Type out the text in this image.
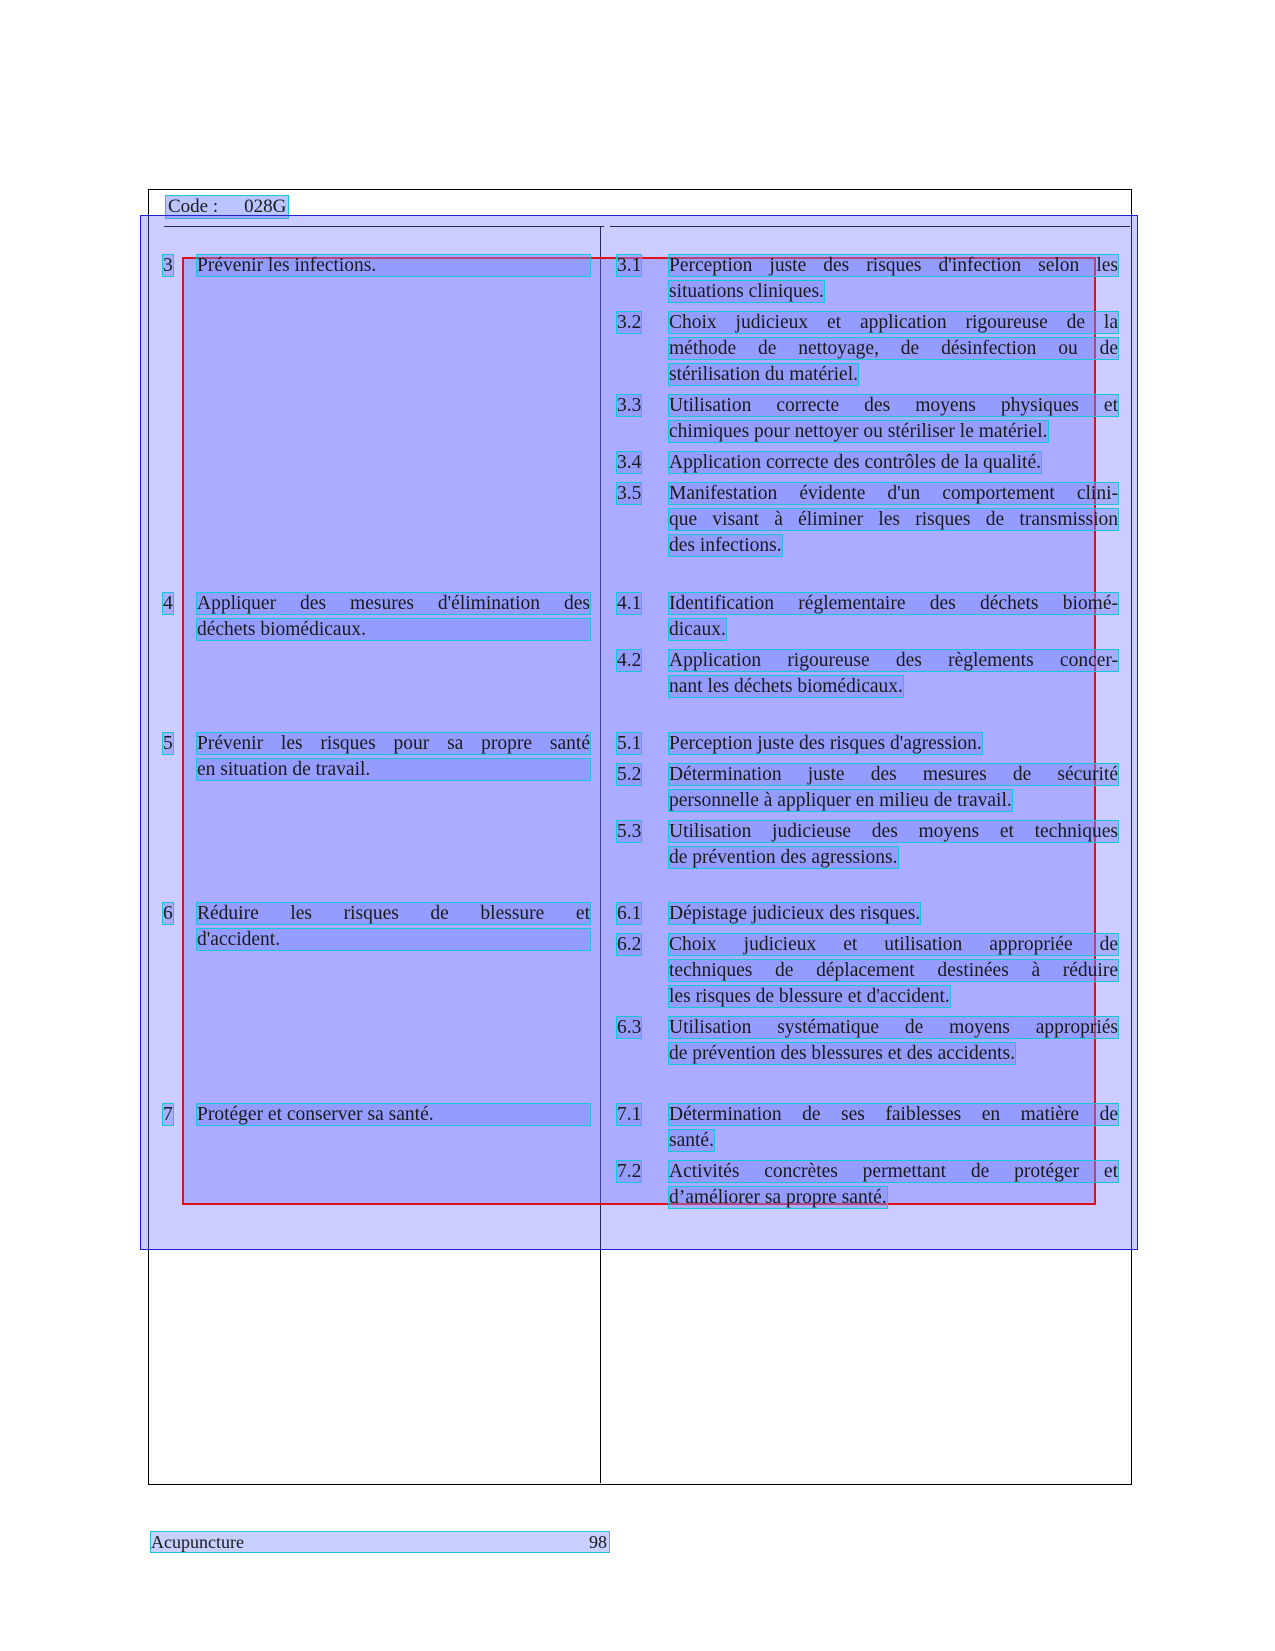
Code : 028G
3 Prévenir les infections.	3.1 Perception juste des risques d'infection selon les
situations cliniques.
3.2 Choix judicieux et application rigoureuse de la
méthode de nettoyage, de désinfection ou de
stérilisation du matériel.
3.3 Utilisation correcte des moyens physiques et
chimiques pour nettoyer ou stériliser le matériel.
3.4 Application correcte des contrôles de la qualité.
3.5 Manifestation évidente d'un comportement clini-
que visant à éliminer les risques de transmission
des infections.
4 Appliquer des mesures d'élimination des
déchets biomédicaux.
4.1 Identification réglementaire des déchets biomé-
dicaux.
4.2 Application rigoureuse des règlements concer-
nant les déchets biomédicaux.
5 Prévenir les risques pour sa propre santé
en situation de travail.
5.1 Perception juste des risques d'agression.
5.2 Détermination juste des mesures de sécurité
personnelle à appliquer en milieu de travail.
5.3 Utilisation judicieuse des moyens et techniques
de prévention des agressions.
6 Réduire les risques de blessure et
d'accident.
6.1 Dépistage judicieux des risques.
6.2 Choix judicieux et utilisation appropriée de
techniques de déplacement destinées à réduire
les risques de blessure et d'accident.
6.3 Utilisation systématique de moyens appropriés
de prévention des blessures et des accidents.
7 Protéger et conserver sa santé.	7.1 Détermination de ses faiblesses en matière de
santé.
7.2 Activités concrètes permettant de protéger et
d’améliorer sa propre santé.
Acupuncture	98
